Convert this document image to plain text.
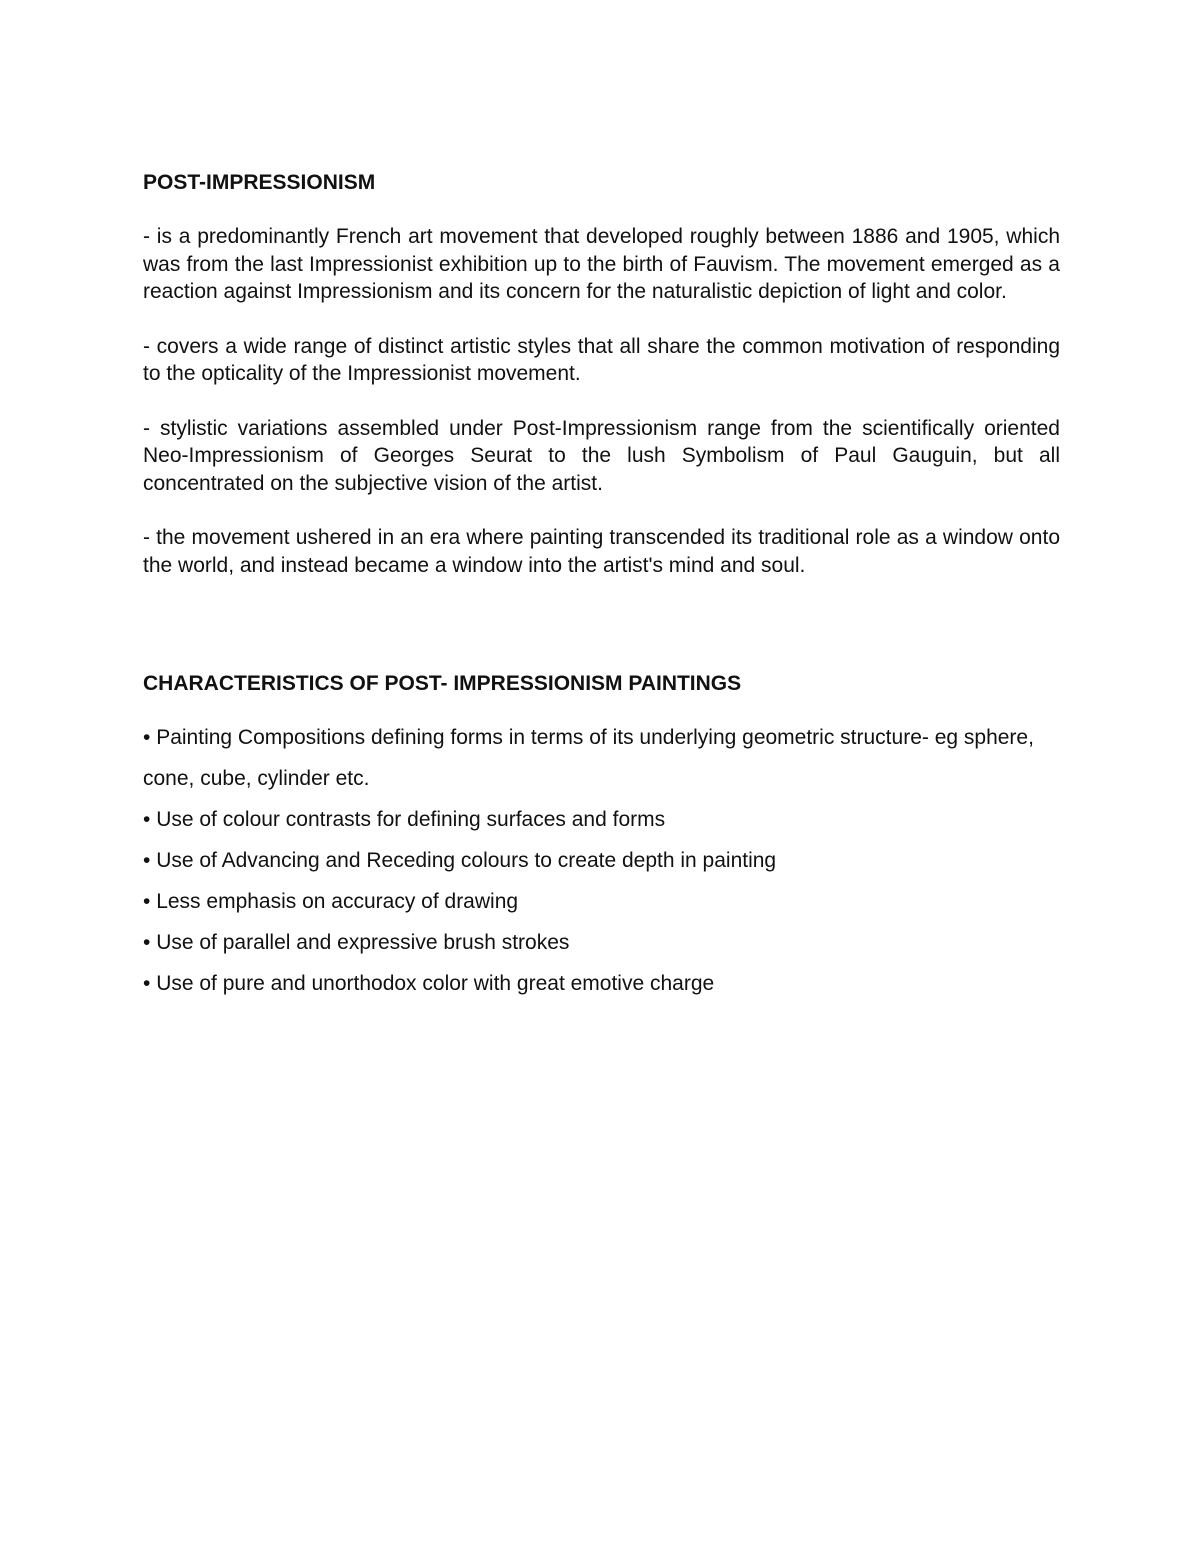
POST-IMPRESSIONISM

- is a predominantly French art movement that developed roughly between 1886 and 1905, which was from the last Impressionist exhibition up to the birth of Fauvism. The movement emerged as a reaction against Impressionism and its concern for the naturalistic depiction of light and color.

- covers a wide range of distinct artistic styles that all share the common motivation of responding to the opticality of the Impressionist movement.

- stylistic variations assembled under Post-Impressionism range from the scientifically oriented Neo-Impressionism of Georges Seurat to the lush Symbolism of Paul Gauguin, but all concentrated on the subjective vision of the artist.

- the movement ushered in an era where painting transcended its traditional role as a window onto the world, and instead became a window into the artist's mind and soul.

CHARACTERISTICS OF POST- IMPRESSIONISM PAINTINGS
• Painting Compositions defining forms in terms of its underlying geometric structure- eg sphere, cone, cube, cylinder etc.
• Use of colour contrasts for defining surfaces and forms
• Use of Advancing and Receding colours to create depth in painting
• Less emphasis on accuracy of drawing
• Use of parallel and expressive brush strokes
• Use of pure and unorthodox color with great emotive charge
